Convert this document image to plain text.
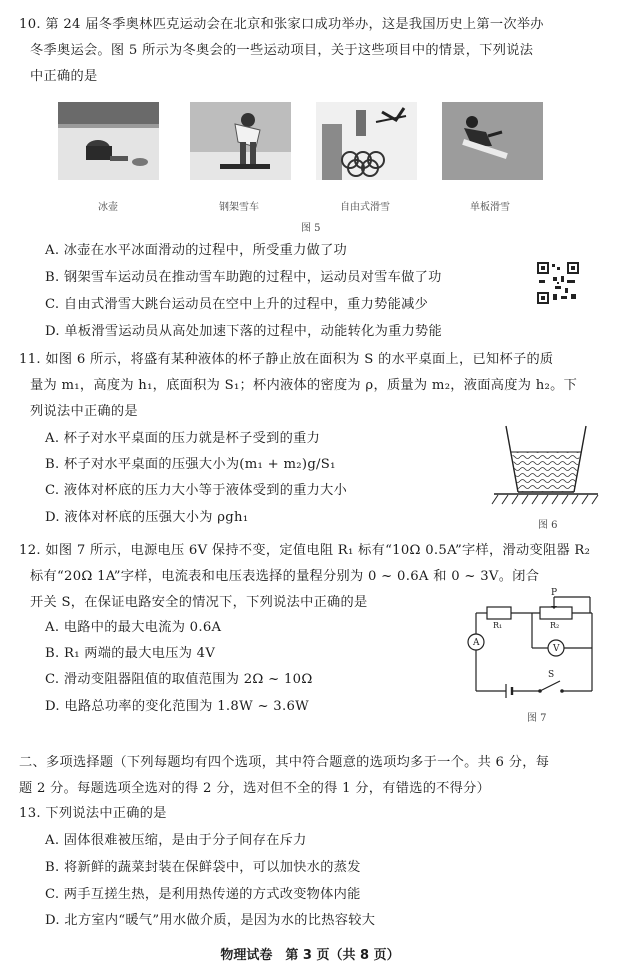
10. 第 24 届冬季奥林匹克运动会在北京和张家口成功举办，这是我国历史上第一次举办
冬季奥运会。图 5 所示为冬奥会的一些运动项目，关于这些项目中的情景，下列说法
中正确的是
冰壶	钢架雪车	自由式滑雪	单板滑雪
图 5
A. 冰壶在水平冰面滑动的过程中，所受重力做了功
B. 钢架雪车运动员在推动雪车助跑的过程中，运动员对雪车做了功
C. 自由式滑雪大跳台运动员在空中上升的过程中，重力势能减少
D. 单板滑雪运动员从高处加速下落的过程中，动能转化为重力势能
11. 如图 6 所示，将盛有某种液体的杯子静止放在面积为 S 的水平桌面上，已知杯子的质
量为 m₁，高度为 h₁，底面积为 S₁；杯内液体的密度为 ρ，质量为 m₂，液面高度为 h₂。下
列说法中正确的是
A. 杯子对水平桌面的压力就是杯子受到的重力
B. 杯子对水平桌面的压强大小为(m₁ + m₂)g/S₁
C. 液体对杯底的压力大小等于液体受到的重力大小
D. 液体对杯底的压强大小为 ρgh₁
图 6
12. 如图 7 所示，电源电压 6V 保持不变，定值电阻 R₁ 标有“10Ω 0.5A”字样，滑动变阻器 R₂
标有“20Ω 1A”字样，电流表和电压表选择的量程分别为 0 ~ 0.6A 和 0 ~ 3V。闭合
开关 S，在保证电路安全的情况下，下列说法中正确的是
A. 电路中的最大电流为 0.6A
B. R₁ 两端的最大电压为 4V
C. 滑动变阻器阻值的取值范围为 2Ω ~ 10Ω
D. 电路总功率的变化范围为 1.8W ~ 3.6W
P
R₁	R₂
A
V
S
图 7
二、多项选择题（下列每题均有四个选项，其中符合题意的选项均多于一个。共 6 分，每
题 2 分。每题选项全选对的得 2 分，选对但不全的得 1 分，有错选的不得分）
13. 下列说法中正确的是
A. 固体很难被压缩，是由于分子间存在斥力
B. 将新鲜的蔬菜封装在保鲜袋中，可以加快水的蒸发
C. 两手互搓生热，是利用热传递的方式改变物体内能
D. 北方室内“暖气”用水做介质，是因为水的比热容较大
物理试卷　第 3 页（共 8 页）
